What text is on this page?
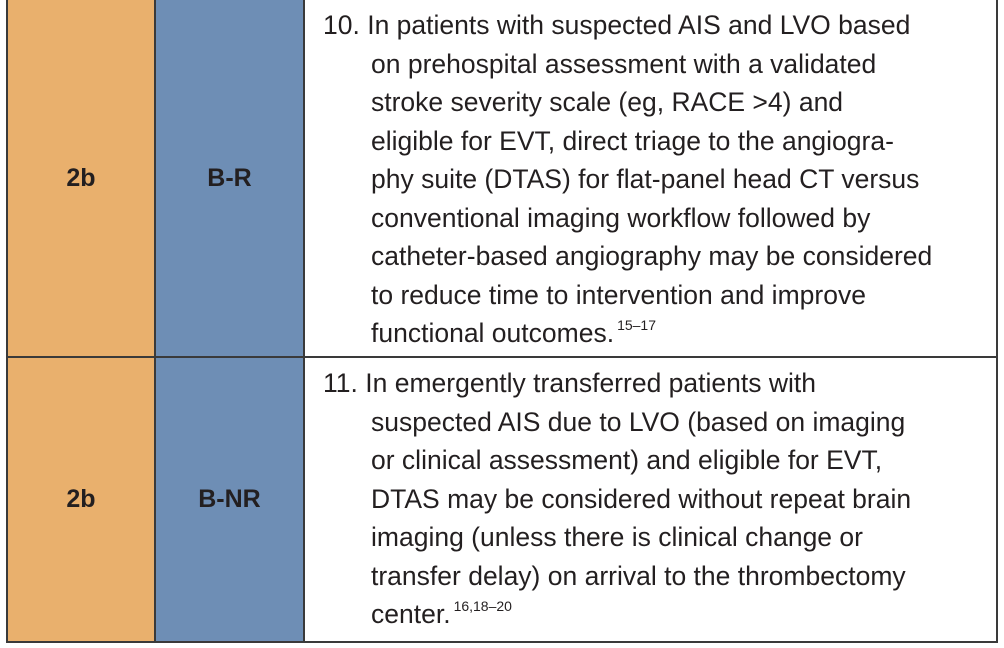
2b	B-R

10. In patients with suspected AIS and LVO based
on prehospital assessment with a validated
stroke severity scale (eg, RACE >4) and
eligible for EVT, direct triage to the angiogra-
phy suite (DTAS) for flat-panel head CT versus
conventional imaging workflow followed by
catheter-based angiography may be considered
to reduce time to intervention and improve
functional outcomes. $^{15-17}$

2b	B-NR

11. In emergently transferred patients with
suspected AIS due to LVO (based on imaging
or clinical assessment) and eligible for EVT,
DTAS may be considered without repeat brain
imaging (unless there is clinical change or
transfer delay) on arrival to the thrombectomy
center. $^{16,18-20}$
